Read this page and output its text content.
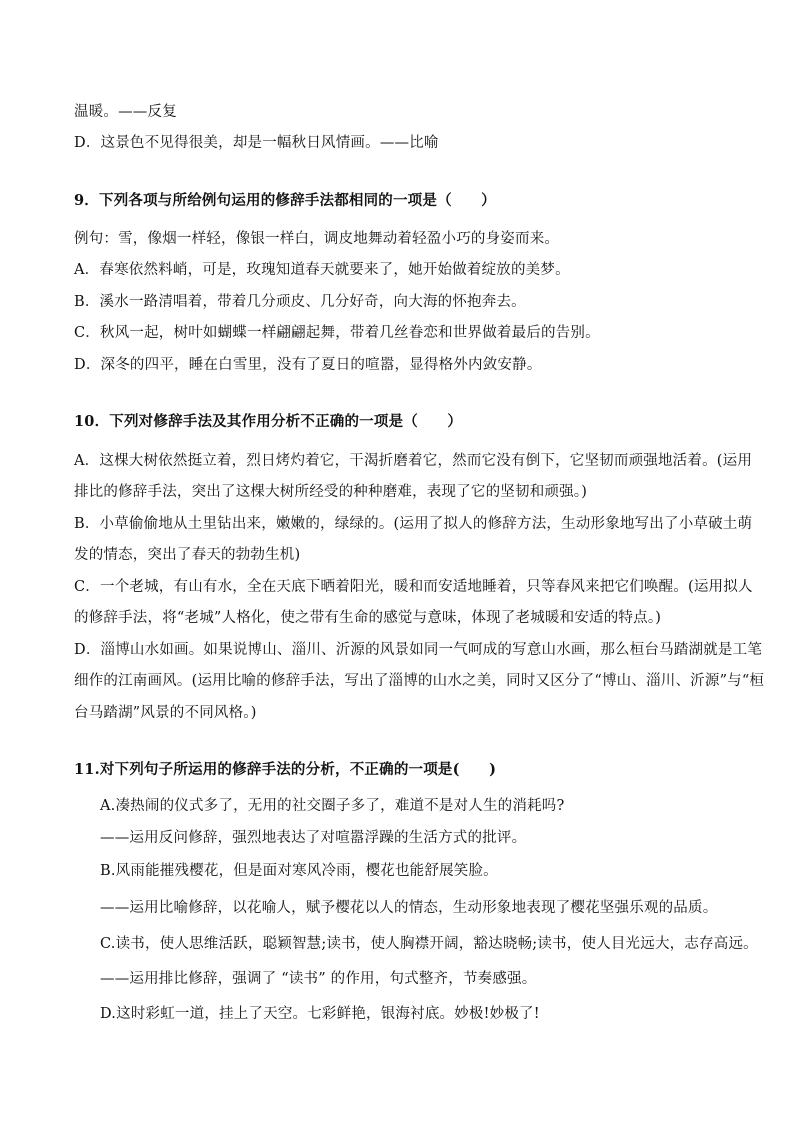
温暖。——反复
D．这景色不见得很美，却是一幅秋日风情画。——比喻
9．下列各项与所给例句运用的修辞手法都相同的一项是（　　）
例句：雪，像烟一样轻，像银一样白，调皮地舞动着轻盈小巧的身姿而来。
A．春寒依然料峭，可是，玫瑰知道春天就要来了，她开始做着绽放的美梦。
B．溪水一路清唱着，带着几分顽皮、几分好奇，向大海的怀抱奔去。
C．秋风一起，树叶如蝴蝶一样翩翩起舞，带着几丝眷恋和世界做着最后的告别。
D．深冬的四平，睡在白雪里，没有了夏日的喧嚣，显得格外内敛安静。
10．下列对修辞手法及其作用分析不正确的一项是（　　）
A．这棵大树依然挺立着，烈日烤灼着它，干渴折磨着它，然而它没有倒下，它坚韧而顽强地活着。(运用
排比的修辞手法，突出了这棵大树所经受的种种磨难，表现了它的坚韧和顽强。)
B．小草偷偷地从土里钻出来，嫩嫩的，绿绿的。(运用了拟人的修辞方法，生动形象地写出了小草破土萌
发的情态，突出了春天的勃勃生机)
C．一个老城，有山有水，全在天底下晒着阳光，暖和而安适地睡着，只等春风来把它们唤醒。(运用拟人
的修辞手法，将“老城”人格化，使之带有生命的感觉与意味，体现了老城暖和安适的特点。)
D．淄博山水如画。如果说博山、淄川、沂源的风景如同一气呵成的写意山水画，那么桓台马踏湖就是工笔
细作的江南画风。(运用比喻的修辞手法，写出了淄博的山水之美，同时又区分了“博山、淄川、沂源”与“桓
台马踏湖”风景的不同风格。)
11.对下列句子所运用的修辞手法的分析，不正确的一项是(　　)
A.凑热闹的仪式多了，无用的社交圈子多了，难道不是对人生的消耗吗?
——运用反问修辞，强烈地表达了对喧嚣浮躁的生活方式的批评。
B.风雨能摧残樱花，但是面对寒风冷雨，樱花也能舒展笑脸。
——运用比喻修辞，以花喻人，赋予樱花以人的情态，生动形象地表现了樱花坚强乐观的品质。
C.读书，使人思维活跃，聪颖智慧;读书，使人胸襟开阔，豁达晓畅;读书，使人目光远大，志存高远。
——运用排比修辞，强调了 “读书” 的作用，句式整齐，节奏感强。
D.这时彩虹一道，挂上了天空。七彩鲜艳，银海衬底。妙极!妙极了!
